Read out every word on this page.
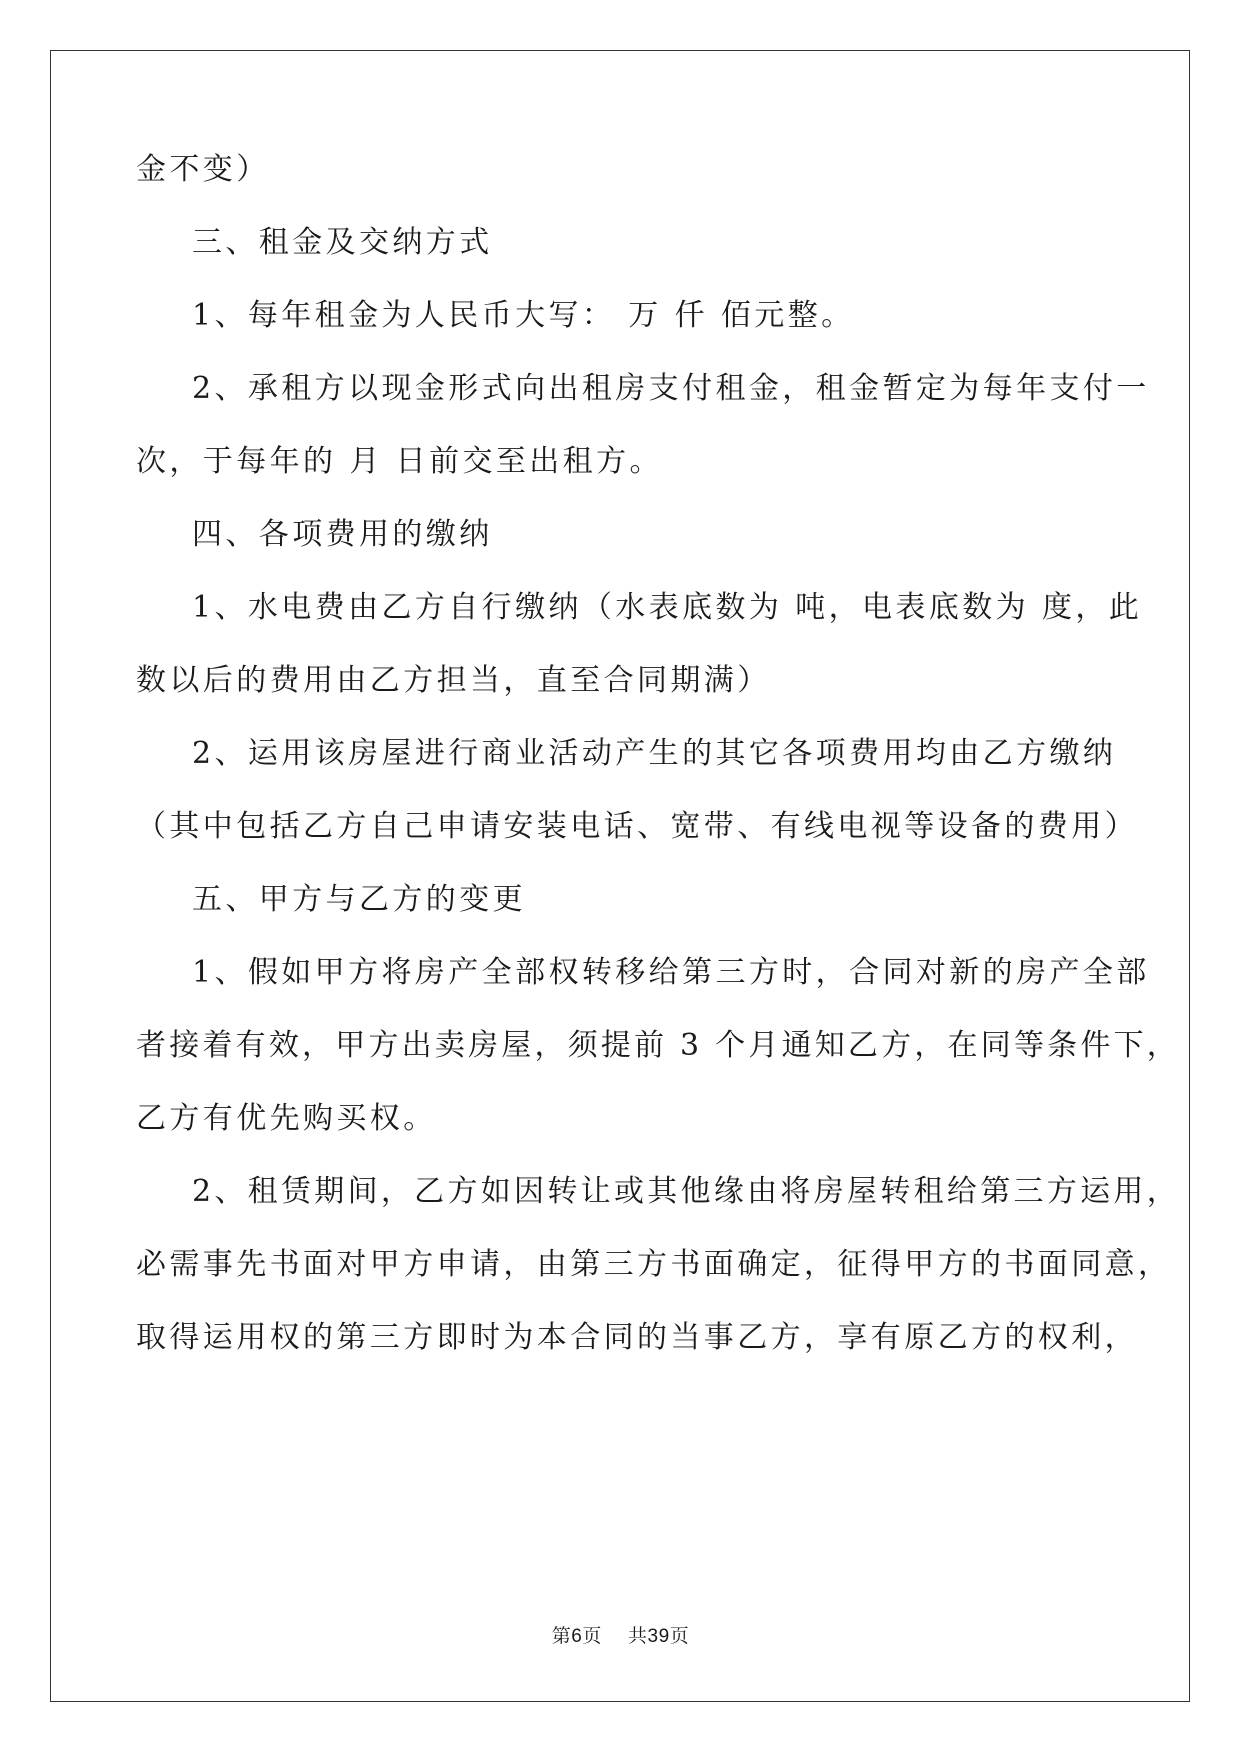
金不变）
三、租金及交纳方式
1、每年租金为人民币大写： 万 仟 佰元整。
2、承租方以现金形式向出租房支付租金，租金暂定为每年支付一
次，于每年的 月 日前交至出租方。
四、各项费用的缴纳
1、水电费由乙方自行缴纳（水表底数为 吨，电表底数为 度，此
数以后的费用由乙方担当，直至合同期满）
2、运用该房屋进行商业活动产生的其它各项费用均由乙方缴纳
（其中包括乙方自己申请安装电话、宽带、有线电视等设备的费用）
五、甲方与乙方的变更
1、假如甲方将房产全部权转移给第三方时，合同对新的房产全部
者接着有效，甲方出卖房屋，须提前 3 个月通知乙方，在同等条件下，
乙方有优先购买权。
2、租赁期间，乙方如因转让或其他缘由将房屋转租给第三方运用，
必需事先书面对甲方申请，由第三方书面确定，征得甲方的书面同意，
取得运用权的第三方即时为本合同的当事乙方，享有原乙方的权利，
第6页    共39页
